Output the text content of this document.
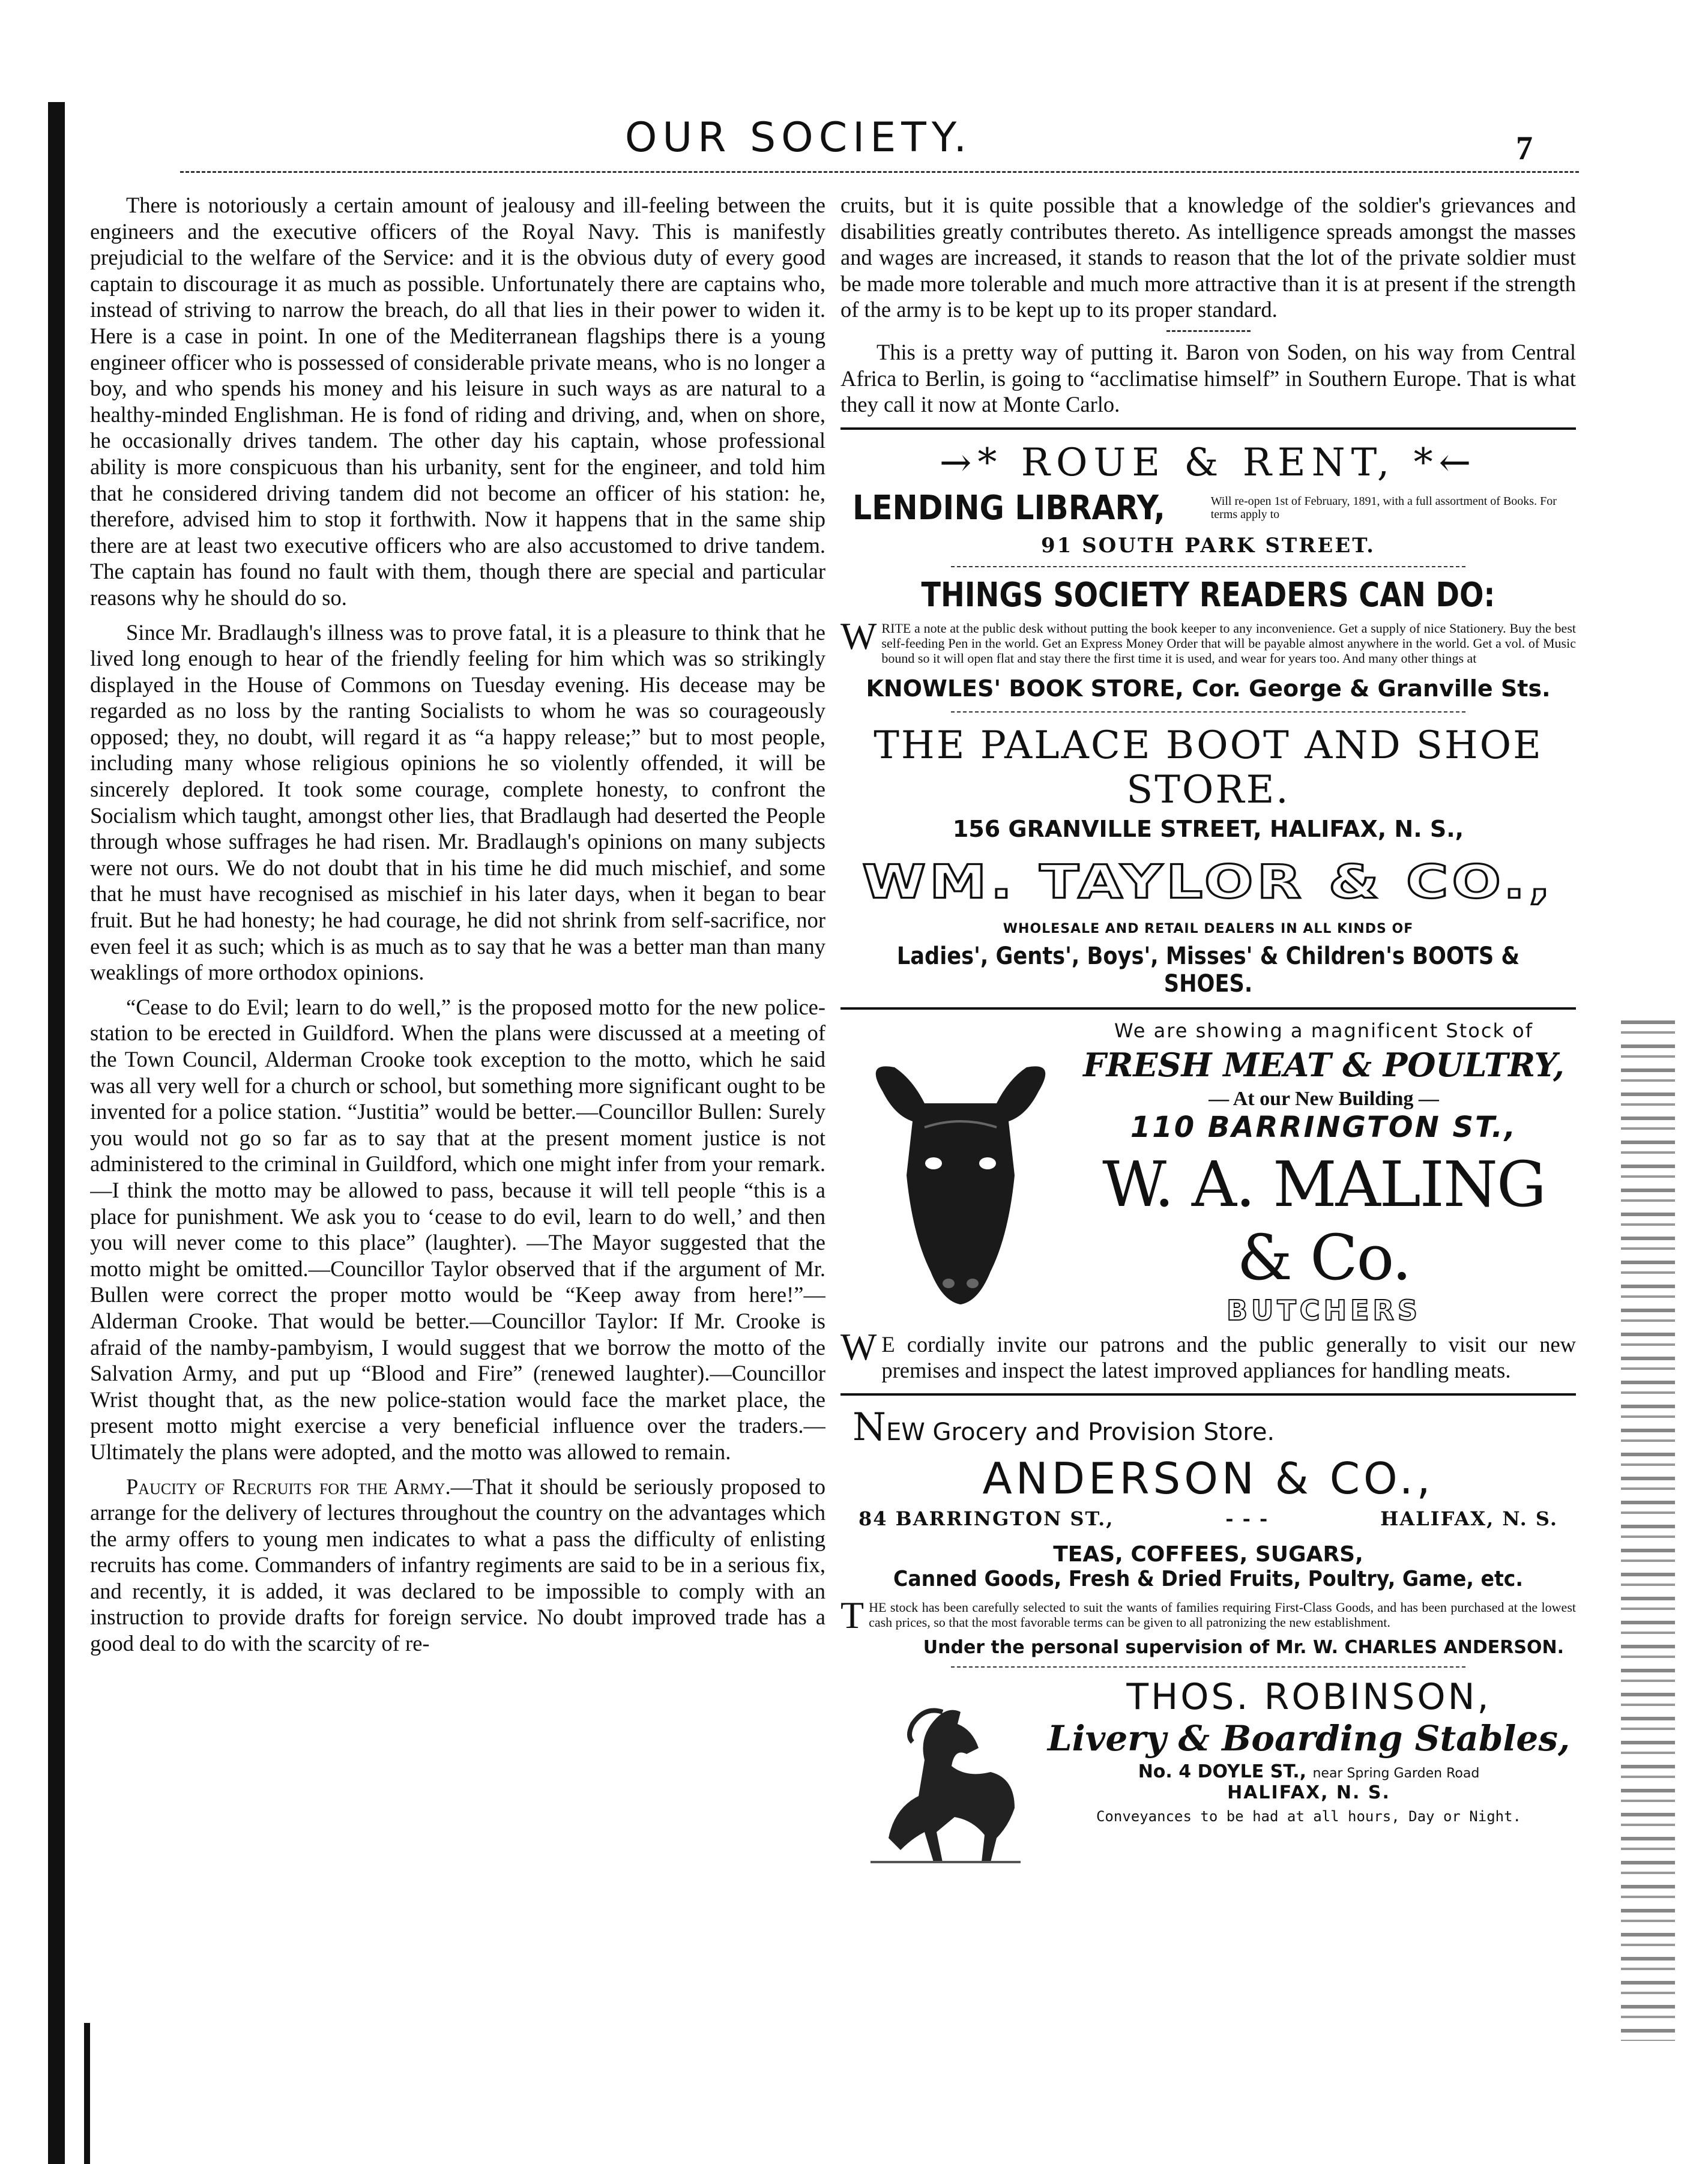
OUR SOCIETY.	7

There is notoriously a certain amount of jealousy and ill-feeling between the engineers and the executive officers of the Royal Navy. This is manifestly prejudicial to the welfare of the Service: and it is the obvious duty of every good captain to discourage it as much as possible. Unfortunately there are captains who, instead of striving to narrow the breach, do all that lies in their power to widen it. Here is a case in point. In one of the Mediterranean flagships there is a young engineer officer who is possessed of considerable private means, who is no longer a boy, and who spends his money and his leisure in such ways as are natural to a healthy-minded Englishman. He is fond of riding and driving, and, when on shore, he occasionally drives tandem. The other day his captain, whose professional ability is more conspicuous than his urbanity, sent for the engineer, and told him that he considered driving tandem did not become an officer of his station: he, therefore, advised him to stop it forthwith. Now it happens that in the same ship there are at least two executive officers who are also accustomed to drive tandem. The captain has found no fault with them, though there are special and particular reasons why he should do so.

Since Mr. Bradlaugh's illness was to prove fatal, it is a pleasure to think that he lived long enough to hear of the friendly feeling for him which was so strikingly displayed in the House of Commons on Tuesday evening. His decease may be regarded as no loss by the ranting Socialists to whom he was so courageously opposed; they, no doubt, will regard it as “a happy release;” but to most people, including many whose religious opinions he so violently offended, it will be sincerely deplored. It took some courage, complete honesty, to confront the Socialism which taught, amongst other lies, that Bradlaugh had deserted the People through whose suffrages he had risen. Mr. Bradlaugh's opinions on many subjects were not ours. We do not doubt that in his time he did much mischief, and some that he must have recognised as mischief in his later days, when it began to bear fruit. But he had honesty; he had courage, he did not shrink from self-sacrifice, nor even feel it as such; which is as much as to say that he was a better man than many weaklings of more orthodox opinions.

“Cease to do Evil; learn to do well,” is the proposed motto for the new police-station to be erected in Guildford. When the plans were discussed at a meeting of the Town Council, Alderman Crooke took exception to the motto, which he said was all very well for a church or school, but something more significant ought to be invented for a police station. “Justitia” would be better.—Councillor Bullen: Surely you would not go so far as to say that at the present moment justice is not administered to the criminal in Guildford, which one might infer from your remark.—I think the motto may be allowed to pass, because it will tell people “this is a place for punishment. We ask you to ‘cease to do evil, learn to do well,’ and then you will never come to this place” (laughter). —The Mayor suggested that the motto might be omitted.—Councillor Taylor observed that if the argument of Mr. Bullen were correct the proper motto would be “Keep away from here!”—Alderman Crooke. That would be better.—Councillor Taylor: If Mr. Crooke is afraid of the namby-pambyism, I would suggest that we borrow the motto of the Salvation Army, and put up “Blood and Fire” (renewed laughter).—Councillor Wrist thought that, as the new police-station would face the market place, the present motto might exercise a very beneficial influence over the traders.—Ultimately the plans were adopted, and the motto was allowed to remain.

Paucity of Recruits for the Army.—That it should be seriously proposed to arrange for the delivery of lectures throughout the country on the advantages which the army offers to young men indicates to what a pass the difficulty of enlisting recruits has come. Commanders of infantry regiments are said to be in a serious fix, and recently, it is added, it was declared to be impossible to comply with an instruction to provide drafts for foreign service. No doubt improved trade has a good deal to do with the scarcity of re-

cruits, but it is quite possible that a knowledge of the soldier's grievances and disabilities greatly contributes thereto. As intelligence spreads amongst the masses and wages are increased, it stands to reason that the lot of the private soldier must be made more tolerable and much more attractive than it is at present if the strength of the army is to be kept up to its proper standard.

This is a pretty way of putting it. Baron von Soden, on his way from Central Africa to Berlin, is going to “acclimatise himself” in Southern Europe. That is what they call it now at Monte Carlo.

→* ROUE & RENT, *←
LENDING LIBRARY,	Will re-open 1st of February, 1891, with a full assortment of Books. For terms apply to
91 SOUTH PARK STREET.
THINGS SOCIETY READERS CAN DO:
WRITE a note at the public desk without putting the book keeper to any inconvenience. Get a supply of nice Stationery. Buy the best self-feeding Pen in the world. Get an Express Money Order that will be payable almost anywhere in the world. Get a vol. of Music bound so it will open flat and stay there the first time it is used, and wear for years too. And many other things at
KNOWLES' BOOK STORE, Cor. George & Granville Sts.
THE PALACE BOOT AND SHOE STORE.
156 GRANVILLE STREET, HALIFAX, N. S.,
WM. TAYLOR & CO.,
WHOLESALE AND RETAIL DEALERS IN ALL KINDS OF
Ladies', Gents', Boys', Misses' & Children's BOOTS & SHOES.
We are showing a magnificent Stock of
FRESH MEAT & POULTRY,
— At our New Building —
110 BARRINGTON ST.,
W. A. MALING & Co.
BUTCHERS

W E cordially invite our patrons and the public generally to visit our new premises and inspect the latest improved appliances for handling meats.

NEW Grocery and Provision Store.
ANDERSON & CO.,
84 BARRINGTON ST.,	- - -	HALIFAX, N. S.
TEAS, COFFEES, SUGARS,
Canned Goods, Fresh & Dried Fruits, Poultry, Game, etc.
THE stock has been carefully selected to suit the wants of families requiring First-Class Goods, and has been purchased at the lowest cash prices, so that the most favorable terms can be given to all patronizing the new establishment.
Under the personal supervision of Mr. W. CHARLES ANDERSON.
THOS. ROBINSON,
Livery & Boarding Stables,
No. 4 DOYLE ST., near Spring Garden Road
HALIFAX, N. S.
Conveyances to be had at all hours, Day or Night.
